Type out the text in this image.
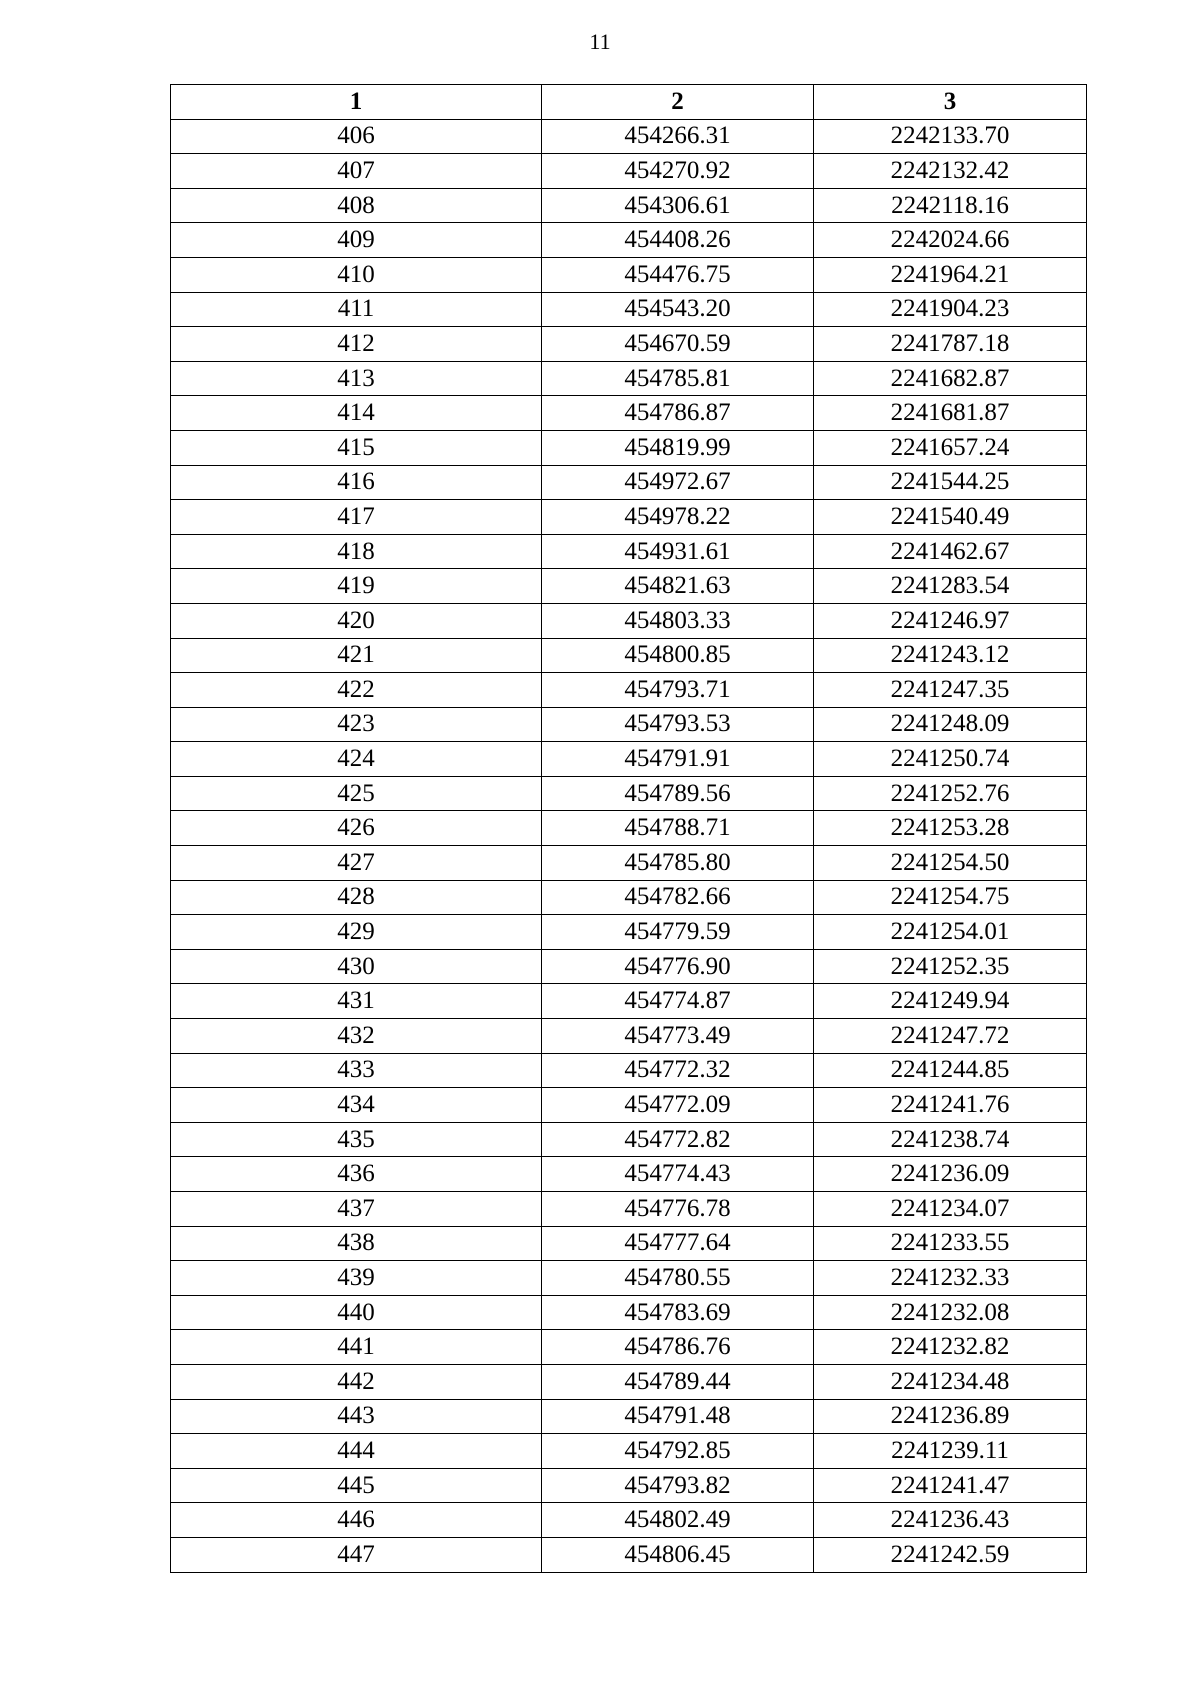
11
1	2	3
406	454266.31	2242133.70
407	454270.92	2242132.42
408	454306.61	2242118.16
409	454408.26	2242024.66
410	454476.75	2241964.21
411	454543.20	2241904.23
412	454670.59	2241787.18
413	454785.81	2241682.87
414	454786.87	2241681.87
415	454819.99	2241657.24
416	454972.67	2241544.25
417	454978.22	2241540.49
418	454931.61	2241462.67
419	454821.63	2241283.54
420	454803.33	2241246.97
421	454800.85	2241243.12
422	454793.71	2241247.35
423	454793.53	2241248.09
424	454791.91	2241250.74
425	454789.56	2241252.76
426	454788.71	2241253.28
427	454785.80	2241254.50
428	454782.66	2241254.75
429	454779.59	2241254.01
430	454776.90	2241252.35
431	454774.87	2241249.94
432	454773.49	2241247.72
433	454772.32	2241244.85
434	454772.09	2241241.76
435	454772.82	2241238.74
436	454774.43	2241236.09
437	454776.78	2241234.07
438	454777.64	2241233.55
439	454780.55	2241232.33
440	454783.69	2241232.08
441	454786.76	2241232.82
442	454789.44	2241234.48
443	454791.48	2241236.89
444	454792.85	2241239.11
445	454793.82	2241241.47
446	454802.49	2241236.43
447	454806.45	2241242.59
